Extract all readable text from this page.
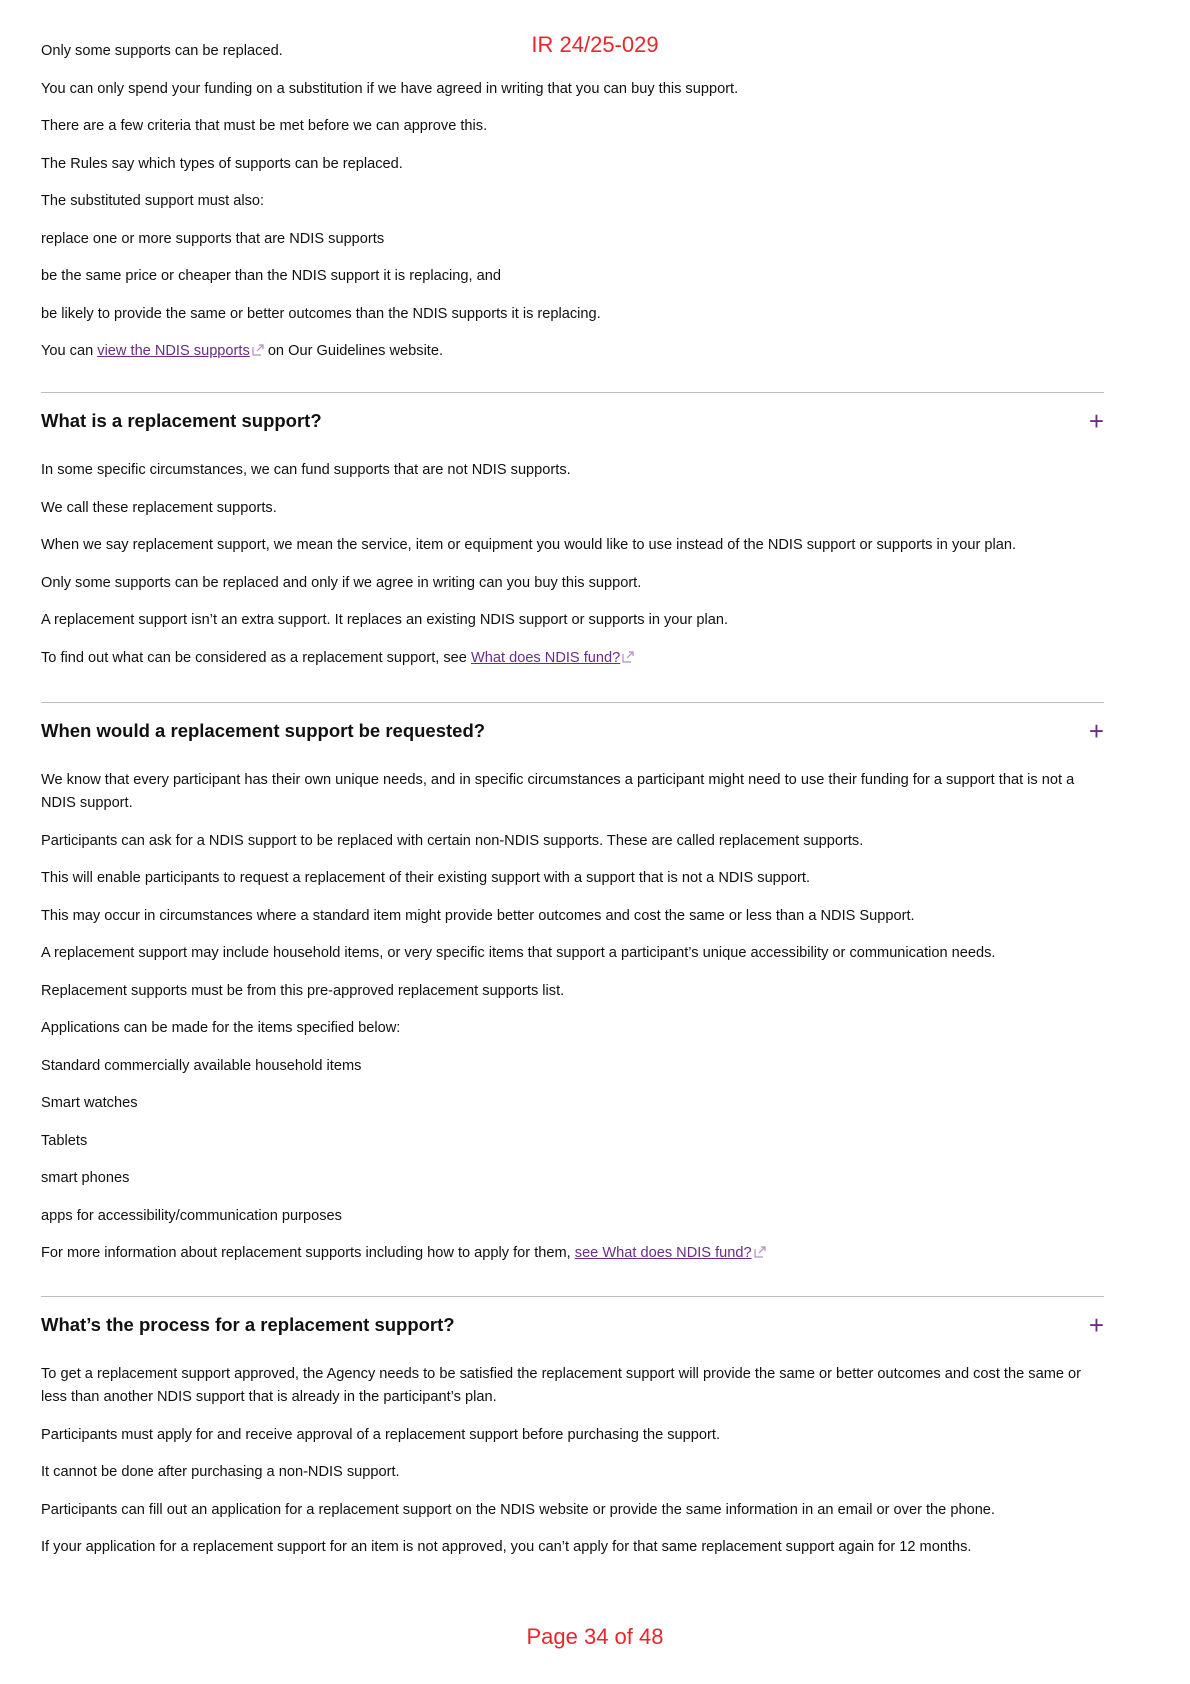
IR 24/25-029

Only some supports can be replaced.

You can only spend your funding on a substitution if we have agreed in writing that you can buy this support.

There are a few criteria that must be met before we can approve this.

The Rules say which types of supports can be replaced.

The substituted support must also:

replace one or more supports that are NDIS supports

be the same price or cheaper than the NDIS support it is replacing, and

be likely to provide the same or better outcomes than the NDIS supports it is replacing.

You can view the NDIS supports on Our Guidelines website.

What is a replacement support?	+

In some specific circumstances, we can fund supports that are not NDIS supports.

We call these replacement supports.

When we say replacement support, we mean the service, item or equipment you would like to use instead of the NDIS support or supports in your plan.

Only some supports can be replaced and only if we agree in writing can you buy this support.

A replacement support isn’t an extra support. It replaces an existing NDIS support or supports in your plan.

To find out what can be considered as a replacement support, see What does NDIS fund?

When would a replacement support be requested?	+

We know that every participant has their own unique needs, and in specific circumstances a participant might need to use their funding for a support that is not a NDIS support.

Participants can ask for a NDIS support to be replaced with certain non-NDIS supports. These are called replacement supports.

This will enable participants to request a replacement of their existing support with a support that is not a NDIS support.

This may occur in circumstances where a standard item might provide better outcomes and cost the same or less than a NDIS Support.

A replacement support may include household items, or very specific items that support a participant’s unique accessibility or communication needs.

Replacement supports must be from this pre-approved replacement supports list.

Applications can be made for the items specified below:

Standard commercially available household items

Smart watches

Tablets

smart phones

apps for accessibility/communication purposes

For more information about replacement supports including how to apply for them, see What does NDIS fund?

What’s the process for a replacement support?	+

To get a replacement support approved, the Agency needs to be satisfied the replacement support will provide the same or better outcomes and cost the same or less than another NDIS support that is already in the participant’s plan.

Participants must apply for and receive approval of a replacement support before purchasing the support.

It cannot be done after purchasing a non-NDIS support.

Participants can fill out an application for a replacement support on the NDIS website or provide the same information in an email or over the phone.

If your application for a replacement support for an item is not approved, you can’t apply for that same replacement support again for 12 months.

Page 34 of 48
